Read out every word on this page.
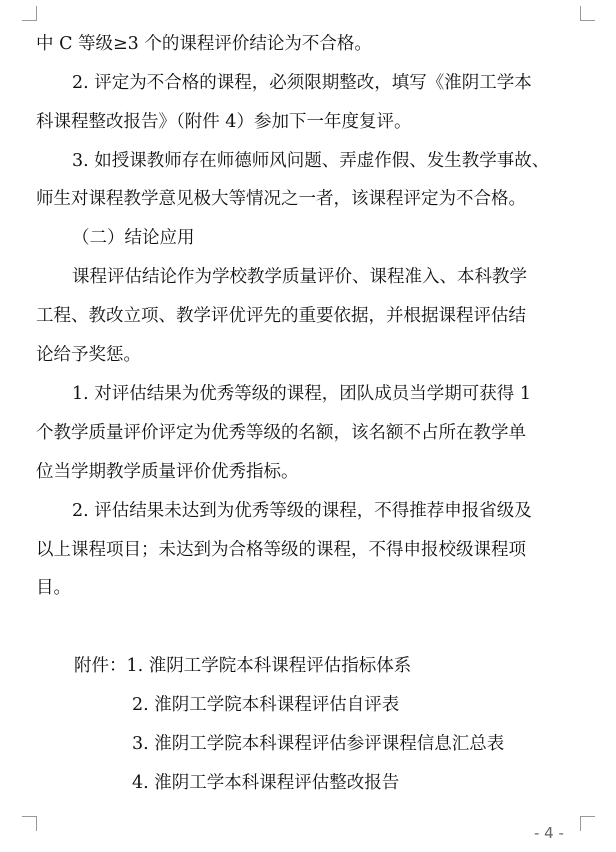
中 C 等级≥3 个的课程评价结论为不合格。
2. 评定为不合格的课程，必须限期整改，填写《淮阴工学本
科课程整改报告》（附件 4）参加下一年度复评。
3. 如授课教师存在师德师风问题、弄虚作假、发生教学事故、
师生对课程教学意见极大等情况之一者，该课程评定为不合格。
（二）结论应用
课程评估结论作为学校教学质量评价、课程准入、本科教学
工程、教改立项、教学评优评先的重要依据，并根据课程评估结
论给予奖惩。
1. 对评估结果为优秀等级的课程，团队成员当学期可获得 1
个教学质量评价评定为优秀等级的名额，该名额不占所在教学单
位当学期教学质量评价优秀指标。
2. 评估结果未达到为优秀等级的课程，不得推荐申报省级及
以上课程项目；未达到为合格等级的课程，不得申报校级课程项
目。
附件：1. 淮阴工学院本科课程评估指标体系
2. 淮阴工学院本科课程评估自评表
3. 淮阴工学院本科课程评估参评课程信息汇总表
4. 淮阴工学本科课程评估整改报告
- 4 -
